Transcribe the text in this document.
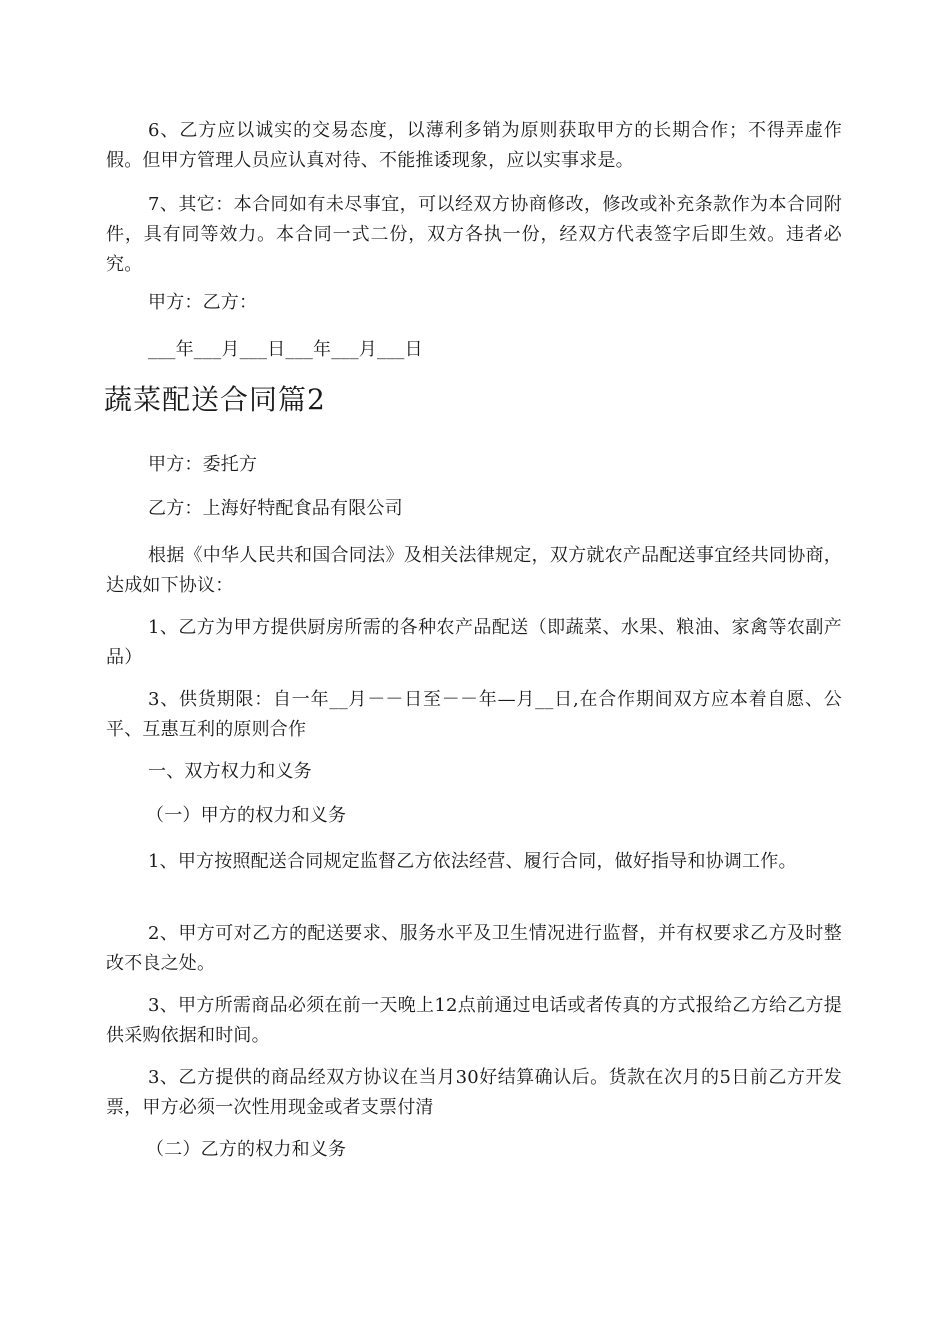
6、乙方应以诚实的交易态度，以薄利多销为原则获取甲方的长期合作；不得弄虚作假。但甲方管理人员应认真对待、不能推诿现象，应以实事求是。

7、其它：本合同如有未尽事宜，可以经双方协商修改，修改或补充条款作为本合同附件，具有同等效力。本合同一式二份，双方各执一份，经双方代表签字后即生效。违者必究。

甲方：乙方：

___年___月___日___年___月___日

蔬菜配送合同篇2

甲方：委托方

乙方：上海好特配食品有限公司

根据《中华人民共和国合同法》及相关法律规定，双方就农产品配送事宜经共同协商，达成如下协议：

1、乙方为甲方提供厨房所需的各种农产品配送（即蔬菜、水果、粮油、家禽等农副产品）

3、供货期限：自一年__月－－日至－－年—月__日,在合作期间双方应本着自愿、公平、互惠互利的原则合作

一、双方权力和义务

（一）甲方的权力和义务

1、甲方按照配送合同规定监督乙方依法经营、履行合同，做好指导和协调工作。

2、甲方可对乙方的配送要求、服务水平及卫生情况进行监督，并有权要求乙方及时整改不良之处。

3、甲方所需商品必须在前一天晚上12点前通过电话或者传真的方式报给乙方给乙方提供采购依据和时间。

3、乙方提供的商品经双方协议在当月30好结算确认后。货款在次月的5日前乙方开发票，甲方必须一次性用现金或者支票付清

（二）乙方的权力和义务
